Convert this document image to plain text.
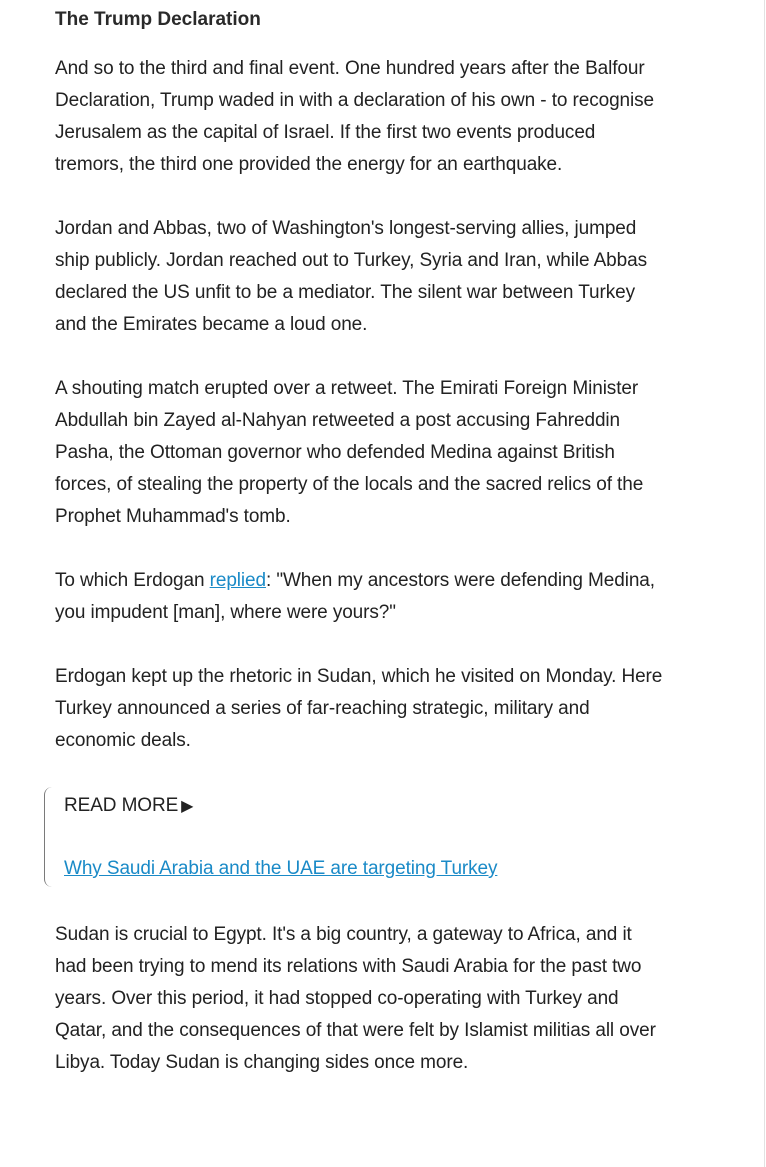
The Trump Declaration

And so to the third and final event. One hundred years after the Balfour Declaration, Trump waded in with a declaration of his own - to recognise Jerusalem as the capital of Israel. If the first two events produced tremors, the third one provided the energy for an earthquake.

Jordan and Abbas, two of Washington's longest-serving allies, jumped ship publicly. Jordan reached out to Turkey, Syria and Iran, while Abbas declared the US unfit to be a mediator. The silent war between Turkey and the Emirates became a loud one.

A shouting match erupted over a retweet. The Emirati Foreign Minister Abdullah bin Zayed al-Nahyan retweeted a post accusing Fahreddin Pasha, the Ottoman governor who defended Medina against British forces, of stealing the property of the locals and the sacred relics of the Prophet Muhammad's tomb.

To which Erdogan replied: "When my ancestors were defending Medina, you impudent [man], where were yours?"

Erdogan kept up the rhetoric in Sudan, which he visited on Monday. Here Turkey announced a series of far-reaching strategic, military and economic deals.

READ MORE ▶

Why Saudi Arabia and the UAE are targeting Turkey

Sudan is crucial to Egypt. It's a big country, a gateway to Africa, and it had been trying to mend its relations with Saudi Arabia for the past two years. Over this period, it had stopped co-operating with Turkey and Qatar, and the consequences of that were felt by Islamist militias all over Libya. Today Sudan is changing sides once more.
